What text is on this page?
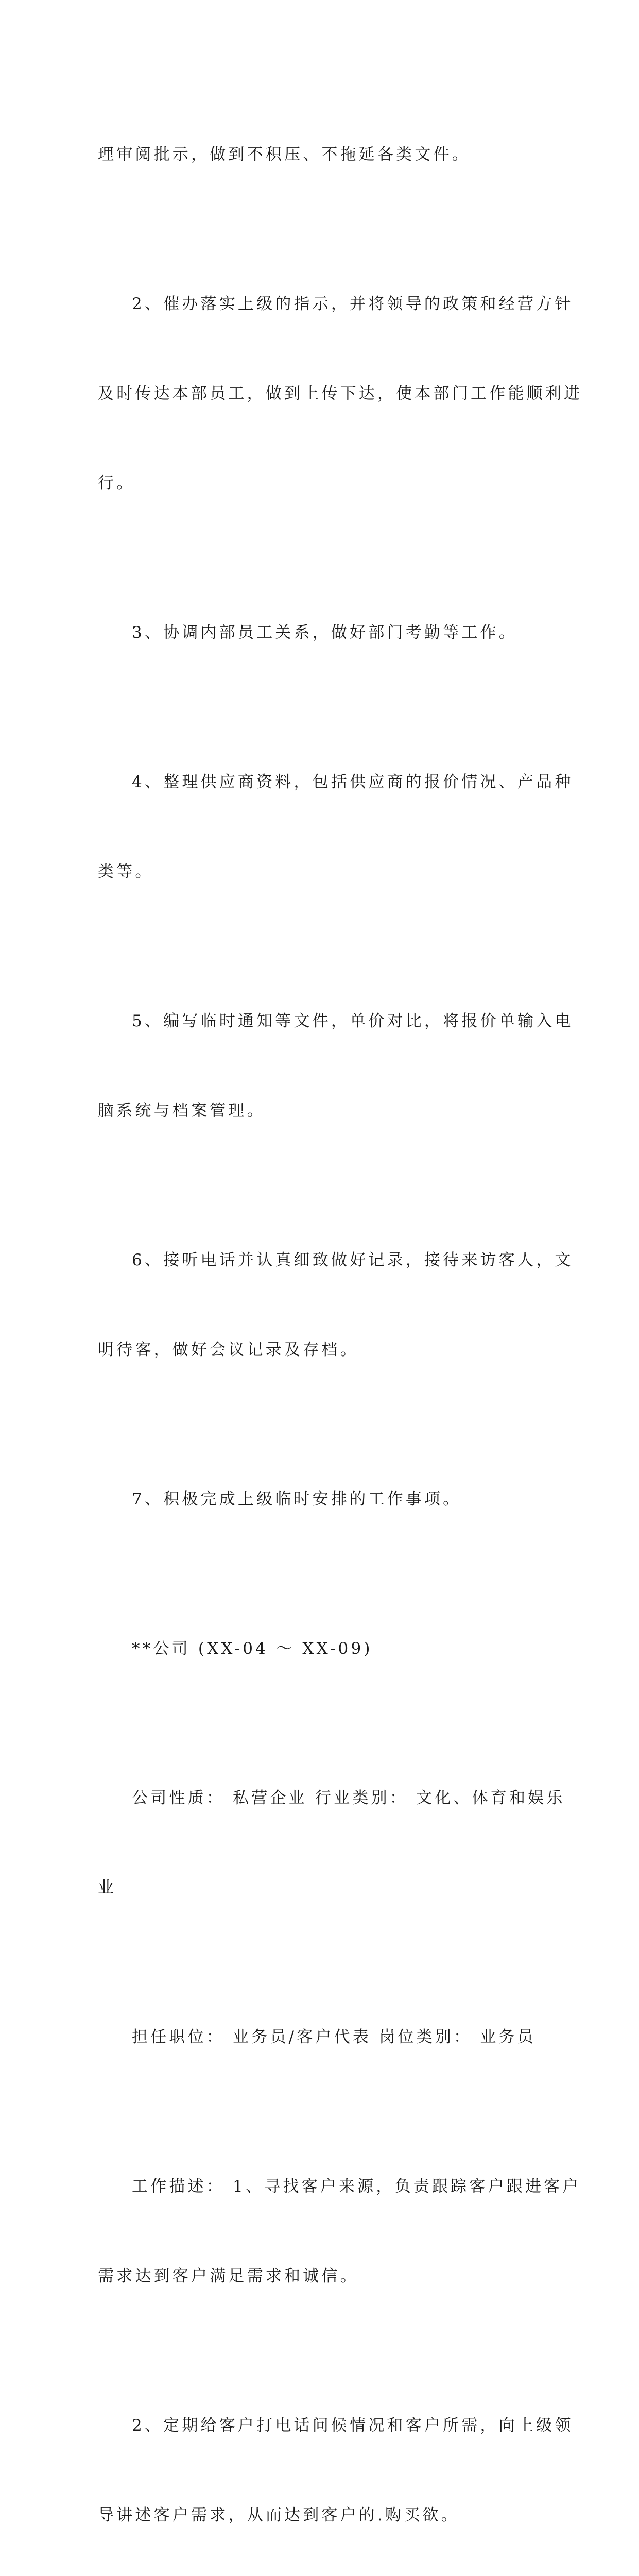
理审阅批示，做到不积压、不拖延各类文件。

2、催办落实上级的指示，并将领导的政策和经营方针

及时传达本部员工，做到上传下达，使本部门工作能顺利进

行。

3、协调内部员工关系，做好部门考勤等工作。

4、整理供应商资料，包括供应商的报价情况、产品种

类等。

5、编写临时通知等文件，单价对比，将报价单输入电

脑系统与档案管理。

6、接听电话并认真细致做好记录，接待来访客人，文

明待客，做好会议记录及存档。

7、积极完成上级临时安排的工作事项。

**公司 (XX-04 ～ XX-09)

公司性质： 私营企业 行业类别： 文化、体育和娱乐

业

担任职位： 业务员/客户代表 岗位类别： 业务员

工作描述： 1、寻找客户来源，负责跟踪客户跟进客户

需求达到客户满足需求和诚信。

2、定期给客户打电话问候情况和客户所需，向上级领

导讲述客户需求，从而达到客户的.购买欲。
